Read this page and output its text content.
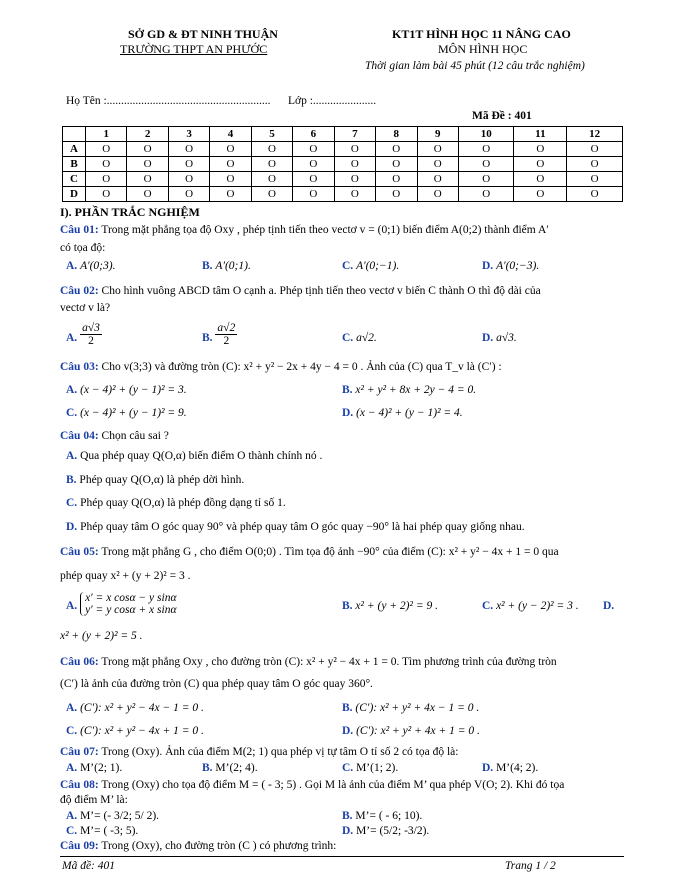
SỞ GD & ĐT NINH THUẬN
TRƯỜNG THPT AN PHƯỚC
KT1T HÌNH HỌC 11 NÂNG CAO
MÔN HÌNH HỌC
Thời gian làm bài 45 phút (12 câu trắc nghiệm)
Họ Tên :......................................................... Lớp :......................
Mã Đề : 401
	1	2	3	4	5	6	7	8	9	10	11	12
A	O	O	O	O	O	O	O	O	O	O	O	O
B	O	O	O	O	O	O	O	O	O	O	O	O
C	O	O	O	O	O	O	O	O	O	O	O	O
D	O	O	O	O	O	O	O	O	O	O	O	O
I). PHẦN TRẮC NGHIỆM
Câu 01: Trong mặt phẳng tọa độ Oxy , phép tịnh tiến theo vectơ v = (0;1) biến điểm A(0;2) thành điểm A′
có tọa độ:
A. A′(0;3).	B. A′(0;1).	C. A′(0;−1).	D. A′(0;−3).
Câu 02: Cho hình vuông ABCD tâm O cạnh a. Phép tịnh tiến theo vectơ v biến C thành O thì độ dài của
vectơ v là?
A. $\frac{a√3}{2}$	B. $\frac{a√2}{2}$	C. a√2.	D. a√3.
Câu 03: Cho v(3;3) và đường tròn (C): x² + y² − 2x + 4y − 4 = 0 . Ảnh của (C) qua T_v là (C′) :
A. (x − 4)² + (y − 1)² = 3.	B. x² + y² + 8x + 2y − 4 = 0.
C. (x − 4)² + (y − 1)² = 9.	D. (x − 4)² + (y − 1)² = 4.
Câu 04: Chọn câu sai ?
A. Qua phép quay Q(O,α) biến điểm O thành chính nó .
B. Phép quay Q(O,α) là phép dời hình.
C. Phép quay Q(O,α) là phép đồng dạng tỉ số 1.
D. Phép quay tâm O góc quay 90° và phép quay tâm O góc quay −90° là hai phép quay giống nhau.
Câu 05: Trong mặt phẳng G , cho điểm O(0;0) . Tìm tọa độ ảnh −90° của điểm (C): x² + y² − 4x + 1 = 0 qua
phép quay x² + (y + 2)² = 3 .
A.
x′ = x cosα − y sinα
y′ = y cosα + x sinα	B. x² + (y + 2)² = 9 .	C. x² + (y − 2)² = 3 . D.
x² + (y + 2)² = 5 .
Câu 06: Trong mặt phẳng Oxy , cho đường tròn (C): x² + y² − 4x + 1 = 0. Tìm phương trình của đường tròn
(C′) là ảnh của đường tròn (C) qua phép quay tâm O góc quay 360°.
A. (C′): x² + y² − 4x − 1 = 0 .	B. (C′): x² + y² + 4x − 1 = 0 .
C. (C′): x² + y² − 4x + 1 = 0 .	D. (C′): x² + y² + 4x + 1 = 0 .
Câu 07: Trong (Oxy). Ảnh của điểm M(2; 1) qua phép vị tự tâm O tỉ số 2 có tọa độ là:
A. M’(2; 1).	B. M’(2; 4).	C. M’(1; 2).	D. M’(4; 2).
Câu 08: Trong (Oxy) cho tọa độ điểm M = ( - 3; 5) . Gọi M là ảnh của điểm M’ qua phép V(O; 2). Khi đó tọa
độ điểm M’ là:
A. M’= (- 3/2; 5/ 2).	B. M’= ( - 6; 10).
C. M’= ( -3; 5).	D. M’= (5/2; -3/2).
Câu 09: Trong (Oxy), cho đường tròn (C ) có phương trình:
Mã đề: 401	Trang 1 / 2
